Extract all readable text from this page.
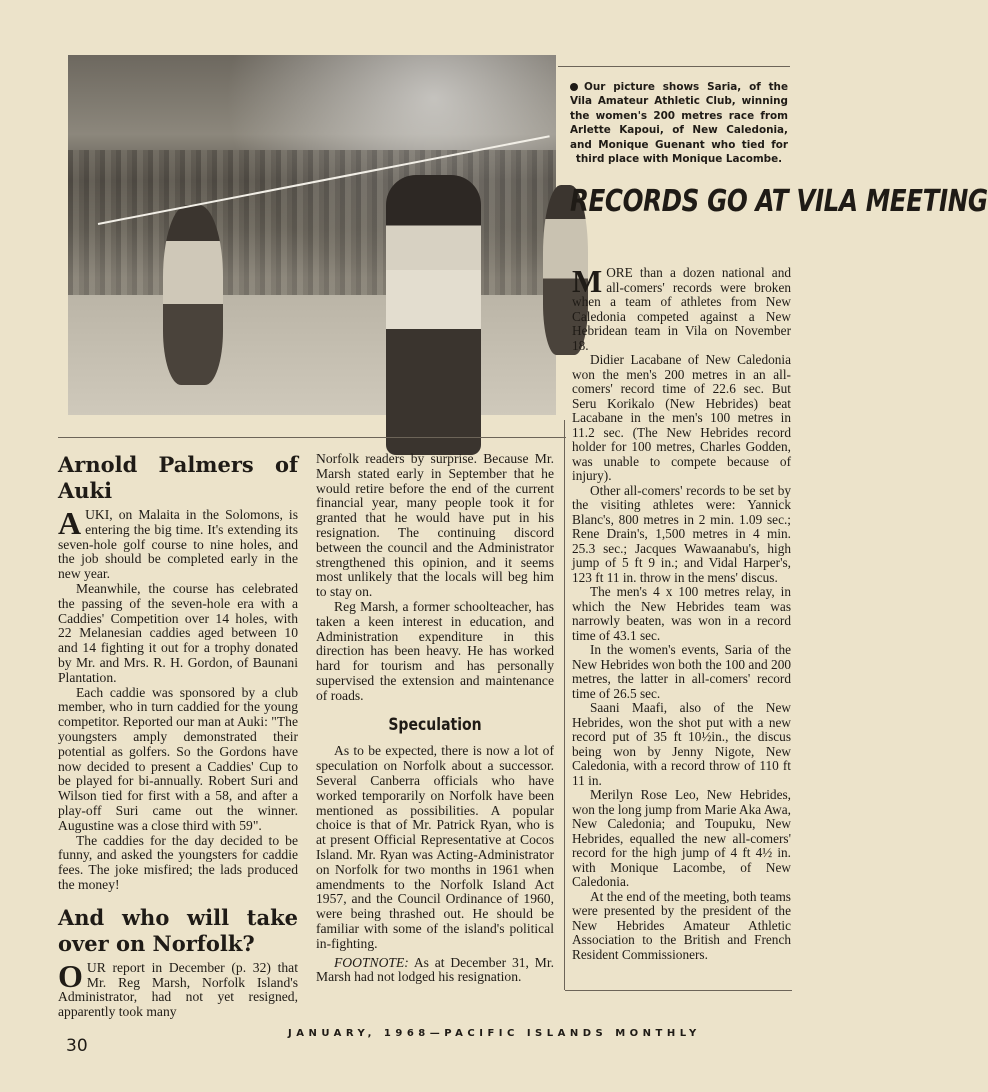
Our picture shows Saria, of the Vila Amateur Athletic Club, winning the women's 200 metres race from Arlette Kapoui, of New Caledonia, and Monique Guenant who tied for third place with Monique Lacombe.
RECORDS GO AT VILA MEETING

MORE than a dozen national and all-comers' records were broken when a team of athletes from New Caledonia competed against a New Hebridean team in Vila on November 18.

Didier Lacabane of New Caledonia won the men's 200 metres in an all-comers' record time of 22.6 sec. But Seru Korikalo (New Hebrides) beat Lacabane in the men's 100 metres in 11.2 sec. (The New Hebrides record holder for 100 metres, Charles Godden, was unable to compete because of injury).

Other all-comers' records to be set by the visiting athletes were: Yannick Blanc's, 800 metres in 2 min. 1.09 sec.; Rene Drain's, 1,500 metres in 4 min. 25.3 sec.; Jacques Wawaanabu's, high jump of 5 ft 9 in.; and Vidal Harper's, 123 ft 11 in. throw in the mens' discus.

The men's 4 x 100 metres relay, in which the New Hebrides team was narrowly beaten, was won in a record time of 43.1 sec.

In the women's events, Saria of the New Hebrides won both the 100 and 200 metres, the latter in all-comers' record time of 26.5 sec.

Saani Maafi, also of the New Hebrides, won the shot put with a new record put of 35 ft 10½in., the discus being won by Jenny Nigote, New Caledonia, with a record throw of 110 ft 11 in.

Merilyn Rose Leo, New Hebrides, won the long jump from Marie Aka Awa, New Caledonia; and Toupuku, New Hebrides, equalled the new all-comers' record for the high jump of 4 ft 4½ in. with Monique Lacombe, of New Caledonia.

At the end of the meeting, both teams were presented by the president of the New Hebrides Amateur Athletic Association to the British and French Resident Commissioners.

Arnold Palmers of Auki

AUKI, on Malaita in the Solomons, is entering the big time. It's extending its seven-hole golf course to nine holes, and the job should be completed early in the new year.

Meanwhile, the course has celebrated the passing of the seven-hole era with a Caddies' Competition over 14 holes, with 22 Melanesian caddies aged between 10 and 14 fighting it out for a trophy donated by Mr. and Mrs. R. H. Gordon, of Baunani Plantation.

Each caddie was sponsored by a club member, who in turn caddied for the young competitor. Reported our man at Auki: "The youngsters amply demonstrated their potential as golfers. So the Gordons have now decided to present a Caddies' Cup to be played for bi-annually. Robert Suri and Wilson tied for first with a 58, and after a play-off Suri came out the winner. Augustine was a close third with 59".

The caddies for the day decided to be funny, and asked the youngsters for caddie fees. The joke misfired; the lads produced the money!

And who will take over on Norfolk?

OUR report in December (p. 32) that Mr. Reg Marsh, Norfolk Island's Administrator, had not yet resigned, apparently took many

Norfolk readers by surprise. Because Mr. Marsh stated early in September that he would retire before the end of the current financial year, many people took it for granted that he would have put in his resignation. The continuing discord between the council and the Administrator strengthened this opinion, and it seems most unlikely that the locals will beg him to stay on.

Reg Marsh, a former schoolteacher, has taken a keen interest in education, and Administration expenditure in this direction has been heavy. He has worked hard for tourism and has personally supervised the extension and maintenance of roads.

Speculation

As to be expected, there is now a lot of speculation on Norfolk about a successor. Several Canberra officials who have worked temporarily on Norfolk have been mentioned as possibilities. A popular choice is that of Mr. Patrick Ryan, who is at present Official Representative at Cocos Island. Mr. Ryan was Acting-Administrator on Norfolk for two months in 1961 when amendments to the Norfolk Island Act 1957, and the Council Ordinance of 1960, were being thrashed out. He should be familiar with some of the island's political in-fighting.

FOOTNOTE: As at December 31, Mr. Marsh had not lodged his resignation.

JANUARY, 1968—PACIFIC ISLANDS MONTHLY
30
